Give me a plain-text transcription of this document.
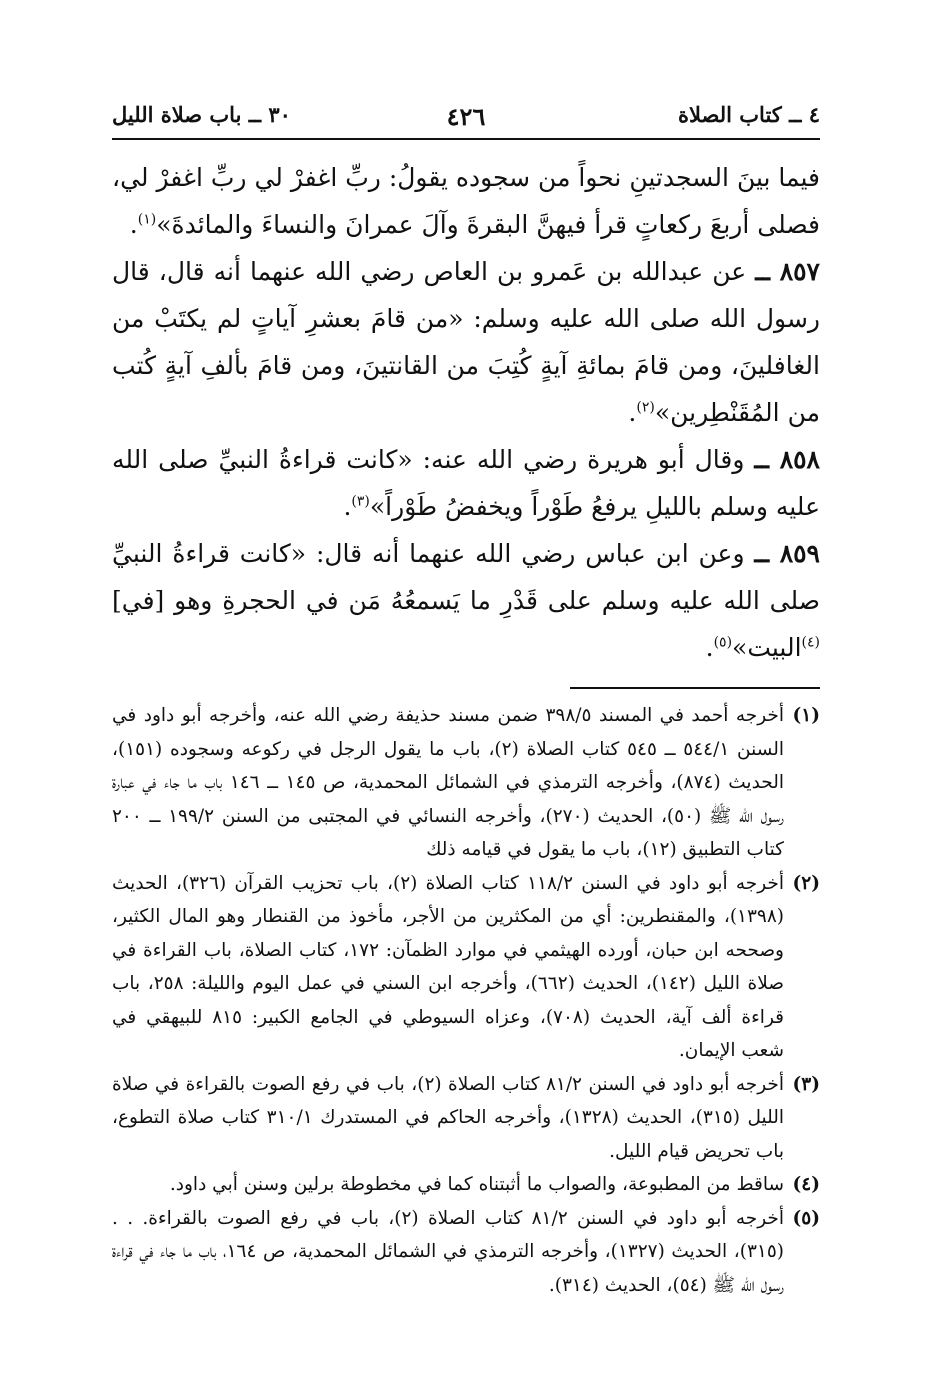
٤ ــ كتاب الصلاة
٤٢٦
٣٠ ــ باب صلاة الليل

فيما بينَ السجدتينِ نحواً من سجوده يقولُ: ربِّ اغفرْ لي ربِّ اغفرْ لي، فصلى أربعَ ركعاتٍ قرأ فيهنَّ البقرةَ وآلَ عمرانَ والنساءَ والمائدةَ»$^{(١)}$.

٨٥٧ ــ عن عبدالله بن عَمرو بن العاص رضي الله عنهما أنه قال، قال رسول الله صلى الله عليه وسلم: «من قامَ بعشرِ آياتٍ لم يكتَبْ من الغافلينَ، ومن قامَ بمائةِ آيةٍ كُتِبَ من القانتينَ، ومن قامَ بألفِ آيةٍ كُتب من المُقَنْطِرين»$^{(٢)}$.

٨٥٨ ــ وقال أبو هريرة رضي الله عنه: «كانت قراءةُ النبيِّ صلى الله عليه وسلم بالليلِ يرفعُ طَوْراً ويخفضُ طَوْراً»$^{(٣)}$.

٨٥٩ ــ وعن ابن عباس رضي الله عنهما أنه قال: «كانت قراءةُ النبيِّ صلى الله عليه وسلم على قَدْرِ ما يَسمعُهُ مَن في الحجرةِ وهو [في]$^{(٤)}$البيت»$^{(٥)}$.

(١)
أخرجه أحمد في المسند ٣٩٨/٥ ضمن مسند حذيفة رضي الله عنه، وأخرجه أبو داود في السنن ٥٤٤/١ ــ ٥٤٥ كتاب الصلاة (٢)، باب ما يقول الرجل في ركوعه وسجوده (١٥١)، الحديث (٨٧٤)، وأخرجه الترمذي في الشمائل المحمدية، ص ١٤٥ ــ ١٤٦ باب ما جاء في عبارة رسول الله ﷺ (٥٠)، الحديث (٢٧٠)، وأخرجه النسائي في المجتبى من السنن ١٩٩/٢ ــ ٢٠٠ كتاب التطبيق (١٢)، باب ما يقول في قيامه ذلك
(٢)
أخرجه أبو داود في السنن ١١٨/٢ كتاب الصلاة (٢)، باب تحزيب القرآن (٣٢٦)، الحديث (١٣٩٨)، والمقنطرين: أي من المكثرين من الأجر، مأخوذ من القنطار وهو المال الكثير، وصححه ابن حبان، أورده الهيثمي في موارد الظمآن: ١٧٢، كتاب الصلاة، باب القراءة في صلاة الليل (١٤٢)، الحديث (٦٦٢)، وأخرجه ابن السني في عمل اليوم والليلة: ٢٥٨، باب قراءة ألف آية، الحديث (٧٠٨)، وعزاه السيوطي في الجامع الكبير: ٨١٥ للبيهقي في شعب الإيمان.
(٣)
أخرجه أبو داود في السنن ٨١/٢ كتاب الصلاة (٢)، باب في رفع الصوت بالقراءة في صلاة الليل (٣١٥)، الحديث (١٣٢٨)، وأخرجه الحاكم في المستدرك ٣١٠/١ كتاب صلاة التطوع، باب تحريض قيام الليل.
(٤)
ساقط من المطبوعة، والصواب ما أثبتناه كما في مخطوطة برلين وسنن أبي داود.
(٥)
أخرجه أبو داود في السنن ٨١/٢ كتاب الصلاة (٢)، باب في رفع الصوت بالقراءة. . . (٣١٥)، الحديث (١٣٢٧)، وأخرجه الترمذي في الشمائل المحمدية، ص ١٦٤، باب ما جاء في قراءة رسول الله ﷺ (٥٤)، الحديث (٣١٤).
